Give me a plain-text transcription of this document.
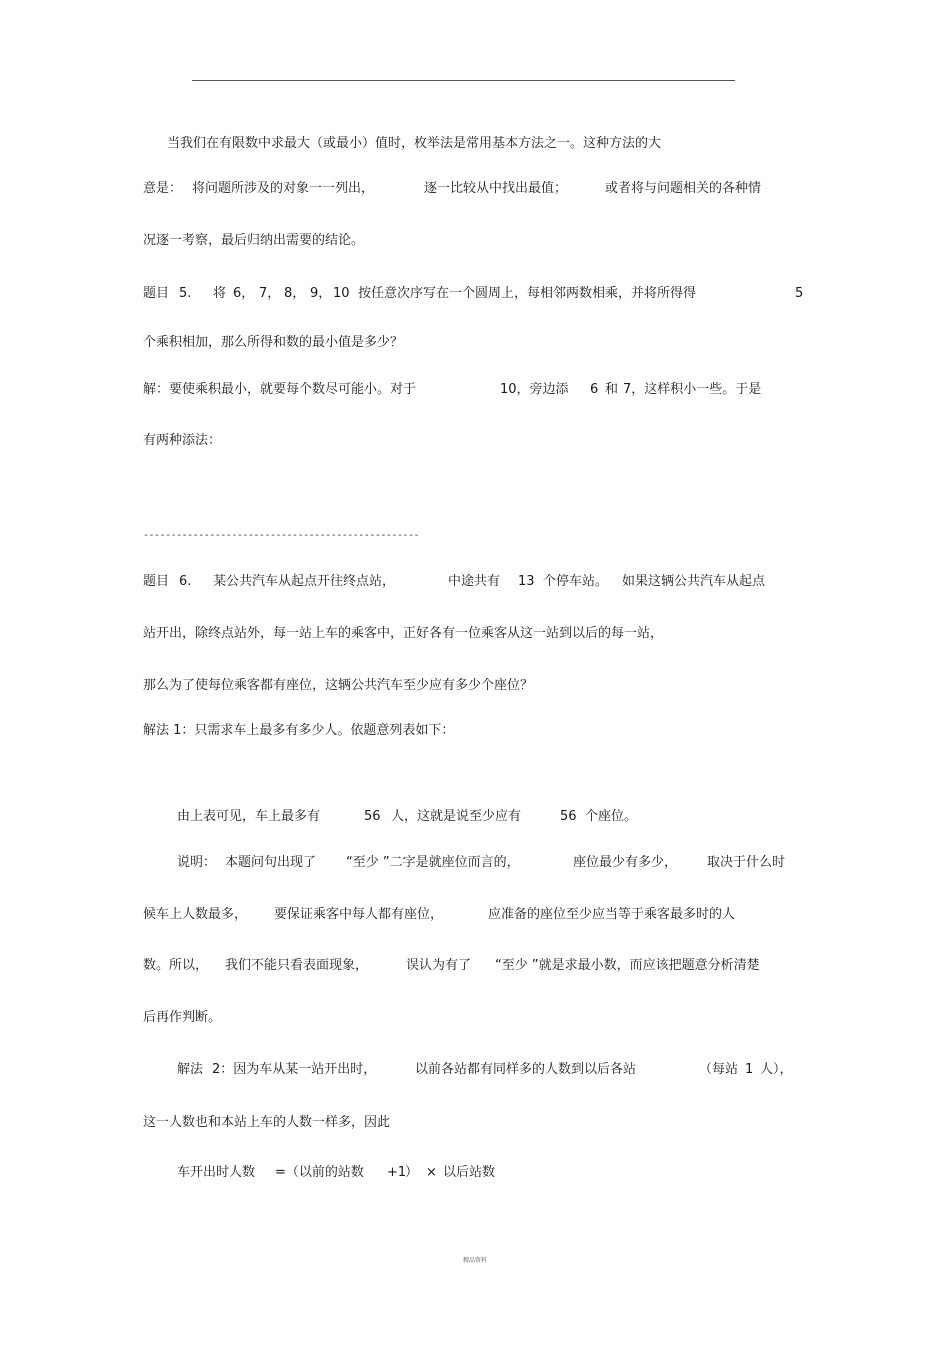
当我们在有限数中求最大（或最小）值时，枚举法是常用基本方法之一。这种方法的大
意是： 将问题所涉及的对象一一列出，	逐一比较从中找出最值；	或者将与问题相关的各种情
况逐一考察，最后归纳出需要的结论。
题目 5. 将 6， 7， 8， 9， 10 按任意次序写在一个圆周上，每相邻两数相乘，并将所得得	5
个乘积相加，那么所得和数的最小值是多少？
解：要使乘积最小，就要每个数尽可能小。对于	10，旁边添 6 和 7，这样积小一些。于是
有两种添法：
--------------------------------------------------
题目 6. 某公共汽车从起点开往终点站，	中途共有 13 个停车站。 如果这辆公共汽车从起点
站开出，除终点站外，每一站上车的乘客中，正好各有一位乘客从这一站到以后的每一站，
那么为了使每位乘客都有座位，这辆公共汽车至少应有多少个座位？
解法 1：只需求车上最多有多少人。依题意列表如下：
由上表可见，车上最多有	56 人，这就是说至少应有	56 个座位。
说明： 本题问句出现了 “至少 ”二字是就座位而言的，	座位最少有多少， 取决于什么时
候车上人数最多， 要保证乘客中每人都有座位，	应准备的座位至少应当等于乘客最多时的人
数。所以， 我们不能只看表面现象，	误认为有了 “至少 ”就是求最小数，而应该把题意分析清楚
后再作判断。
解法 2：因为车从某一站开出时，	以前各站都有同样多的人数到以后各站	（每站 1 人），
这一人数也和本站上车的人数一样多，因此
车开出时人数 =（以前的站数 +1
） × 以后站数
精品资料
